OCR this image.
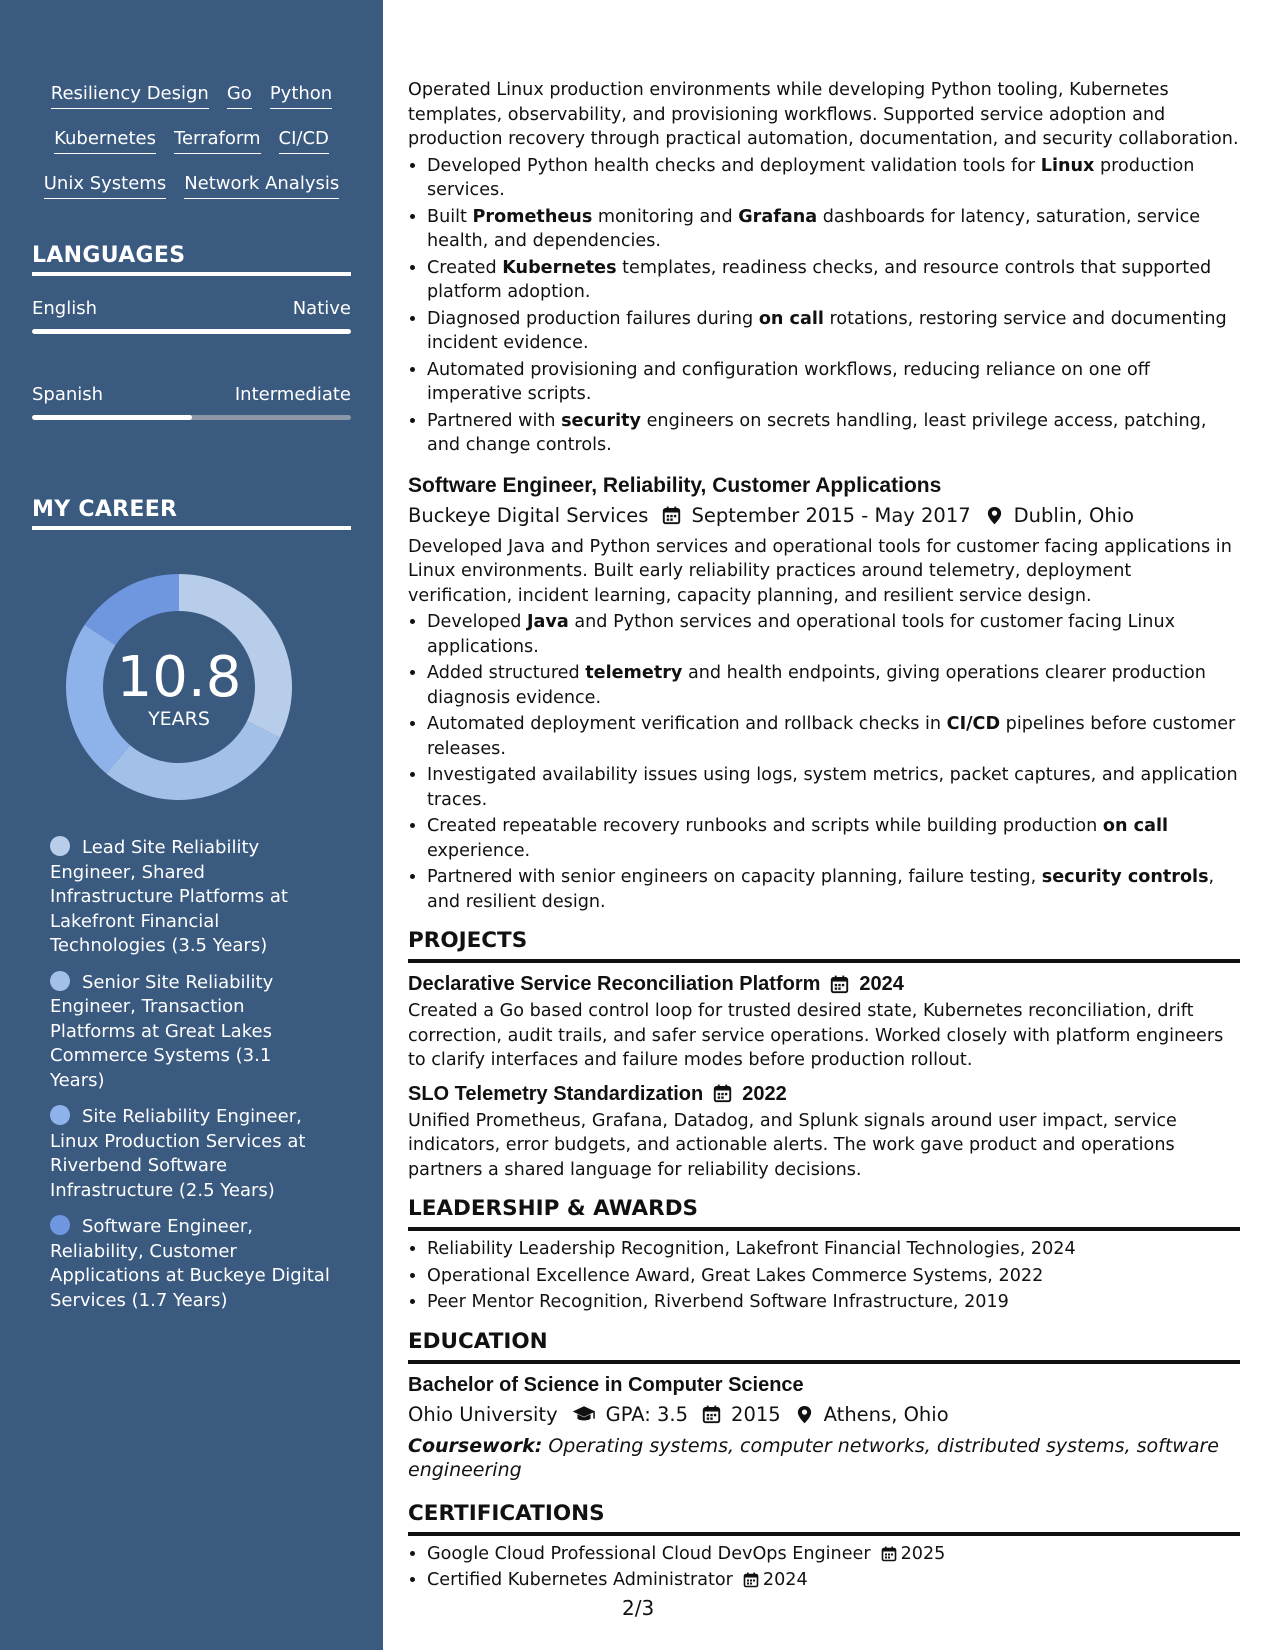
Resiliency Design Go Python
Kubernetes Terraform CI/CD
Unix Systems Network Analysis
LANGUAGES
English	Native
Spanish	Intermediate
MY CAREER
10.8
YEARS
Lead Site Reliability Engineer, Shared Infrastructure Platforms at Lakefront Financial Technologies (3.5 Years)
Senior Site Reliability Engineer, Transaction Platforms at Great Lakes Commerce Systems (3.1 Years)
Site Reliability Engineer, Linux Production Services at Riverbend Software Infrastructure (2.5 Years)
Software Engineer, Reliability, Customer Applications at Buckeye Digital Services (1.7 Years)

Operated Linux production environments while developing Python tooling, Kubernetes templates, observability, and provisioning workflows. Supported service adoption and production recovery through practical automation, documentation, and security collaboration.

• Developed Python health checks and deployment validation tools for Linux production services.
• Built Prometheus monitoring and Grafana dashboards for latency, saturation, service health, and dependencies.
• Created Kubernetes templates, readiness checks, and resource controls that supported platform adoption.
• Diagnosed production failures during on call rotations, restoring service and documenting incident evidence.
• Automated provisioning and configuration workflows, reducing reliance on one off imperative scripts.
• Partnered with security engineers on secrets handling, least privilege access, patching, and change controls.
Software Engineer, Reliability, Customer Applications
Buckeye Digital Services September 2015 - May 2017 Dublin, Ohio

Developed Java and Python services and operational tools for customer facing applications in Linux environments. Built early reliability practices around telemetry, deployment verification, incident learning, capacity planning, and resilient service design.

• Developed Java and Python services and operational tools for customer facing Linux applications.
• Added structured telemetry and health endpoints, giving operations clearer production diagnosis evidence.
• Automated deployment verification and rollback checks in CI/CD pipelines before customer releases.
• Investigated availability issues using logs, system metrics, packet captures, and application traces.
• Created repeatable recovery runbooks and scripts while building production on call experience.
• Partnered with senior engineers on capacity planning, failure testing, security controls, and resilient design.
PROJECTS
Declarative Service Reconciliation Platform 2024

Created a Go based control loop for trusted desired state, Kubernetes reconciliation, drift correction, audit trails, and safer service operations. Worked closely with platform engineers to clarify interfaces and failure modes before production rollout.

SLO Telemetry Standardization 2022

Unified Prometheus, Grafana, Datadog, and Splunk signals around user impact, service indicators, error budgets, and actionable alerts. The work gave product and operations partners a shared language for reliability decisions.

LEADERSHIP & AWARDS
• Reliability Leadership Recognition, Lakefront Financial Technologies, 2024
• Operational Excellence Award, Great Lakes Commerce Systems, 2022
• Peer Mentor Recognition, Riverbend Software Infrastructure, 2019
EDUCATION
Bachelor of Science in Computer Science
Ohio University GPA: 3.5 2015 Athens, Ohio
Coursework: Operating systems, computer networks, distributed systems, software engineering
CERTIFICATIONS
• Google Cloud Professional Cloud DevOps Engineer 2025
• Certified Kubernetes Administrator 2024
2/3
